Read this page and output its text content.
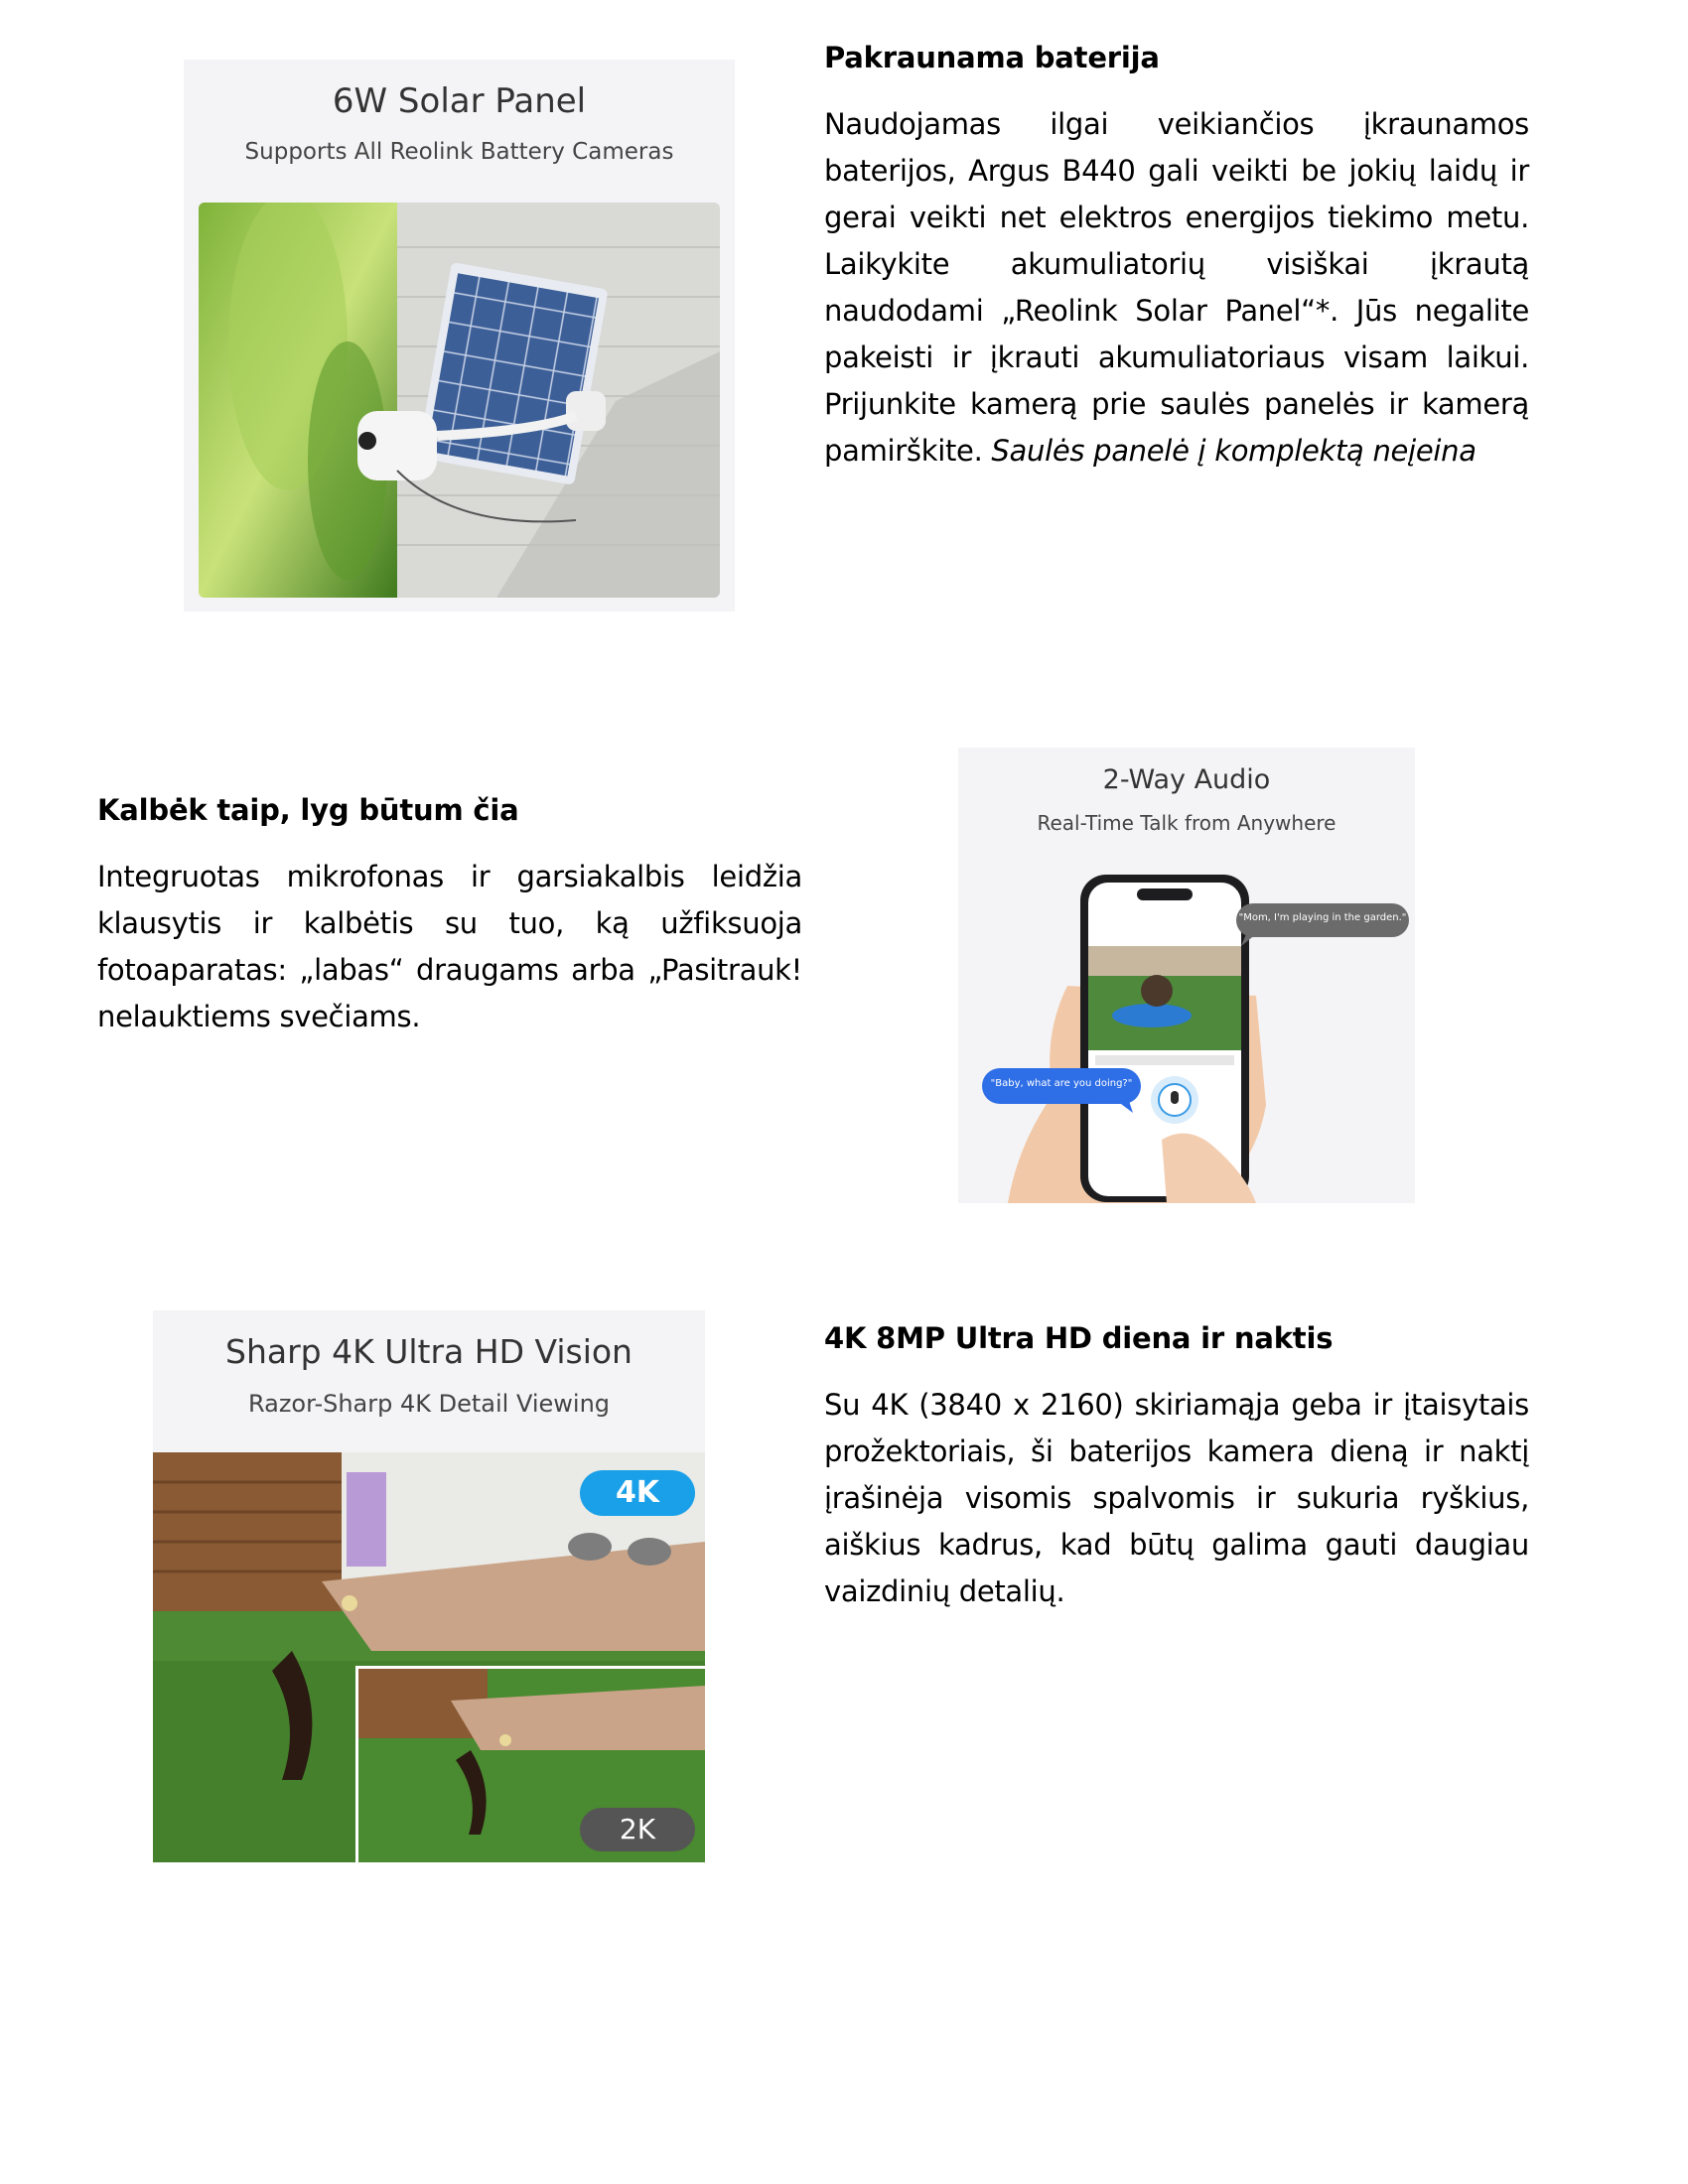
6W Solar Panel
Supports All Reolink Battery Cameras
Pakraunama baterija

Naudojamas ilgai veikiančios įkraunamos baterijos, Argus B440 gali veikti be jokių laidų ir gerai veikti net elektros energijos tiekimo metu. Laikykite akumuliatorių visiškai įkrautą naudodami „Reolink Solar Panel“*. Jūs negalite pakeisti ir įkrauti akumuliatoriaus visam laikui. Prijunkite kamerą prie saulės panelės ir kamerą pamirškite. Saulės panelė į komplektą neįeina

Kalbėk taip, lyg būtum čia

Integruotas mikrofonas ir garsiakalbis leidžia klausytis ir kalbėtis su tuo, ką užfiksuoja fotoaparatas: „labas“ draugams arba „Pasitrauk! nelauktiems svečiams.

2-Way Audio
Real-Time Talk from Anywhere
"Mom, I'm playing in the garden."
"Baby, what are you doing?"
Sharp 4K Ultra HD Vision
Razor-Sharp 4K Detail Viewing
4K
2K
4K 8MP Ultra HD diena ir naktis

Su 4K (3840 x 2160) skiriamąja geba ir įtaisytais prožektoriais, ši baterijos kamera dieną ir naktį įrašinėja visomis spalvomis ir sukuria ryškius, aiškius kadrus, kad būtų galima gauti daugiau vaizdinių detalių.
